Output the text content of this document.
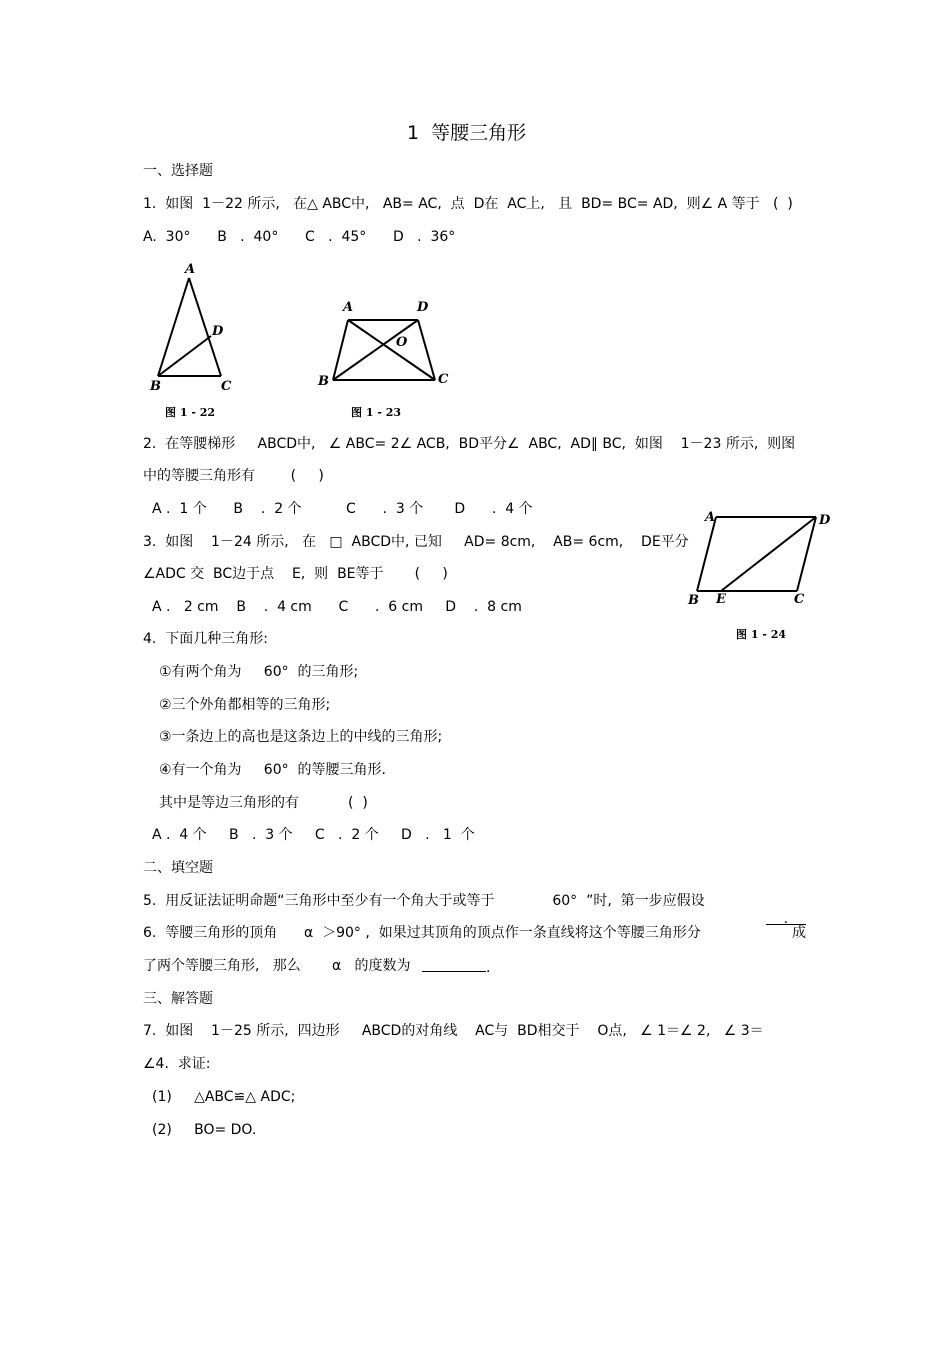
1  等腰三角形
一、选择题
1.  如图  1－22 所示,   在△ ABC中,   AB= AC,  点  D在  AC上,   且  BD= BC= AD,  则∠ A 等于   (  )
A.  30°      B   .  40°      C   .  45°      D   .  36°
A
B	C
D
图 1 - 22
A	D
B	C
O
图 1 - 23
2.  在等腰梯形     ABCD中,   ∠ ABC= 2∠ ACB,  BD平分∠  ABC,  AD∥ BC,  如图    1－23 所示,  则图
中的等腰三角形有        (     )
A .  1 个      B    .  2 个          C      .  3 个       D      .  4 个
A	D
B E	C
图 1 - 24
3.  如图    1－24 所示,   在   □  ABCD中, 已知     AD= 8cm,    AB= 6cm,    DE平分
∠ADC 交  BC边于点    E,  则  BE等于       (     )
A .   2 cm    B    .  4 cm      C      .  6 cm     D    .  8 cm
4.  下面几种三角形:
①有两个角为     60°  的三角形;
②三个外角都相等的三角形;
③一条边上的高也是这条边上的中线的三角形;
④有一个角为     60°  的等腰三角形.
其中是等边三角形的有           (  )
A .  4 个     B   .  3 个     C   .  2 个     D   .   1  个
二、填空题
5.  用反证法证明命题“三角形中至少有一个角大于或等于             60°  ”时,  第一步应假设

.

6.  等腰三角形的顶角      α  ＞90° ,  如果过其顶角的顶点作一条直线将这个等腰三角形分	成
了两个等腰三角形,   那么       α   的度数为	.
三、解答题
7.  如图    1－25 所示,  四边形     ABCD的对角线    AC与  BD相交于    O点,   ∠ 1＝∠ 2,   ∠ 3＝
∠4.  求证:
(1)     △ABC≌△ ADC;
(2)     BO= DO.
